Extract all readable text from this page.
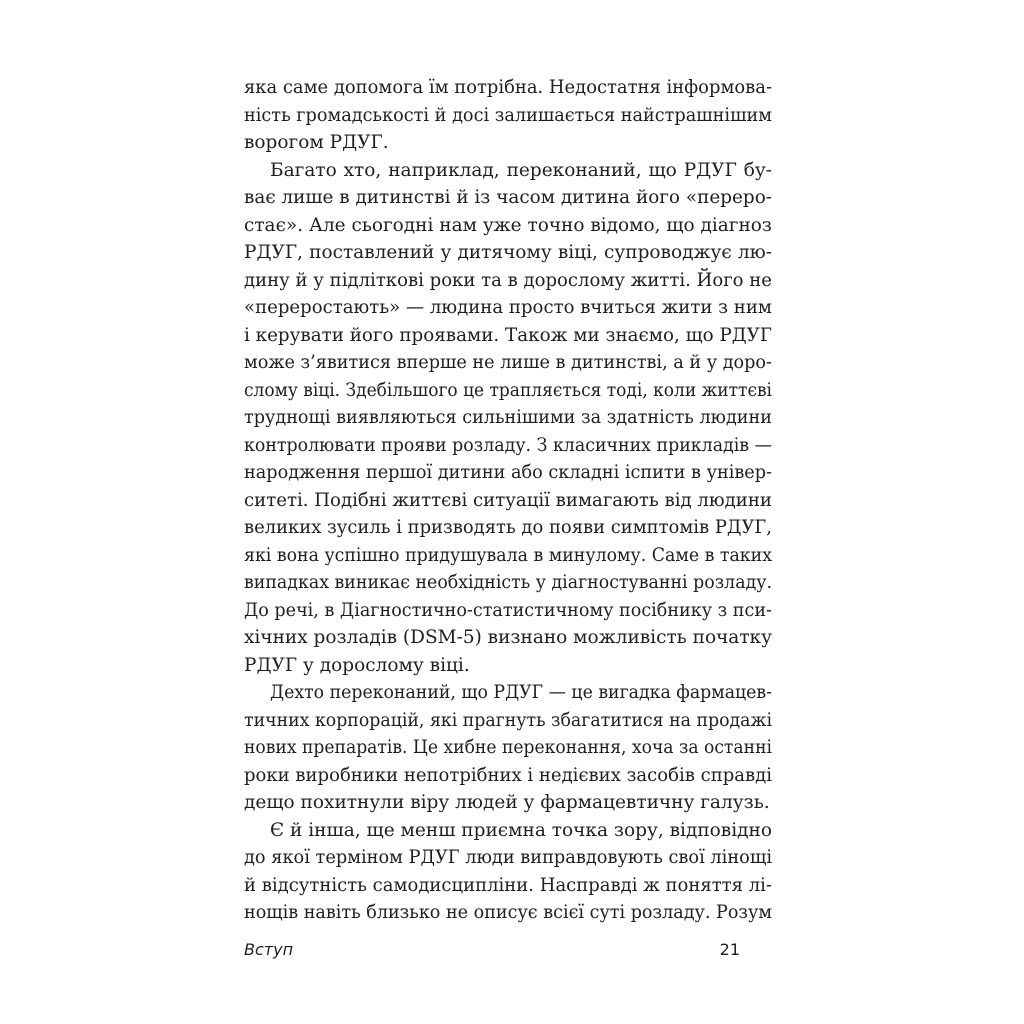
яка саме допомога їм потрібна. Недостатня інформова-
ність громадськості й досі залишається найстрашнішим
ворогом РДУГ.
Багато хто, наприклад, переконаний, що РДУГ бу-
ває лише в дитинстві й із часом дитина його «переро-
стає». Але сьогодні нам уже точно відомо, що діагноз
РДУГ, поставлений у дитячому віці, супроводжує лю-
дину й у підліткові роки та в дорослому житті. Його не
«переростають» — людина просто вчиться жити з ним
і керувати його проявами. Також ми знаємо, що РДУГ
може з’явитися вперше не лише в дитинстві, а й у доро-
слому віці. Здебільшого це трапляється тоді, коли життєві
труднощі виявляються сильнішими за здатність людини
контролювати прояви розладу. З класичних прикладів —
народження першої дитини або складні іспити в універ-
ситеті. Подібні життєві ситуації вимагають від людини
великих зусиль і призводять до появи симптомів РДУГ,
які вона успішно придушувала в минулому. Саме в таких
випадках виникає необхідність у діагностуванні розладу.
До речі, в Діагностично-статистичному посібнику з пси-
хічних розладів (DSM-5) визнано можливість початку
РДУГ у дорослому віці.
Дехто переконаний, що РДУГ — це вигадка фармацев-
тичних корпорацій, які прагнуть збагатитися на продажі
нових препаратів. Це хибне переконання, хоча за останні
роки виробники непотрібних і недієвих засобів справді
дещо похитнули віру людей у фармацевтичну галузь.
Є й інша, ще менш приємна точка зору, відповідно
до якої терміном РДУГ люди виправдовують свої лінощі
й відсутність самодисципліни. Насправді ж поняття лі-
нощів навіть близько не описує всієї суті розладу. Розум
Вступ	21
